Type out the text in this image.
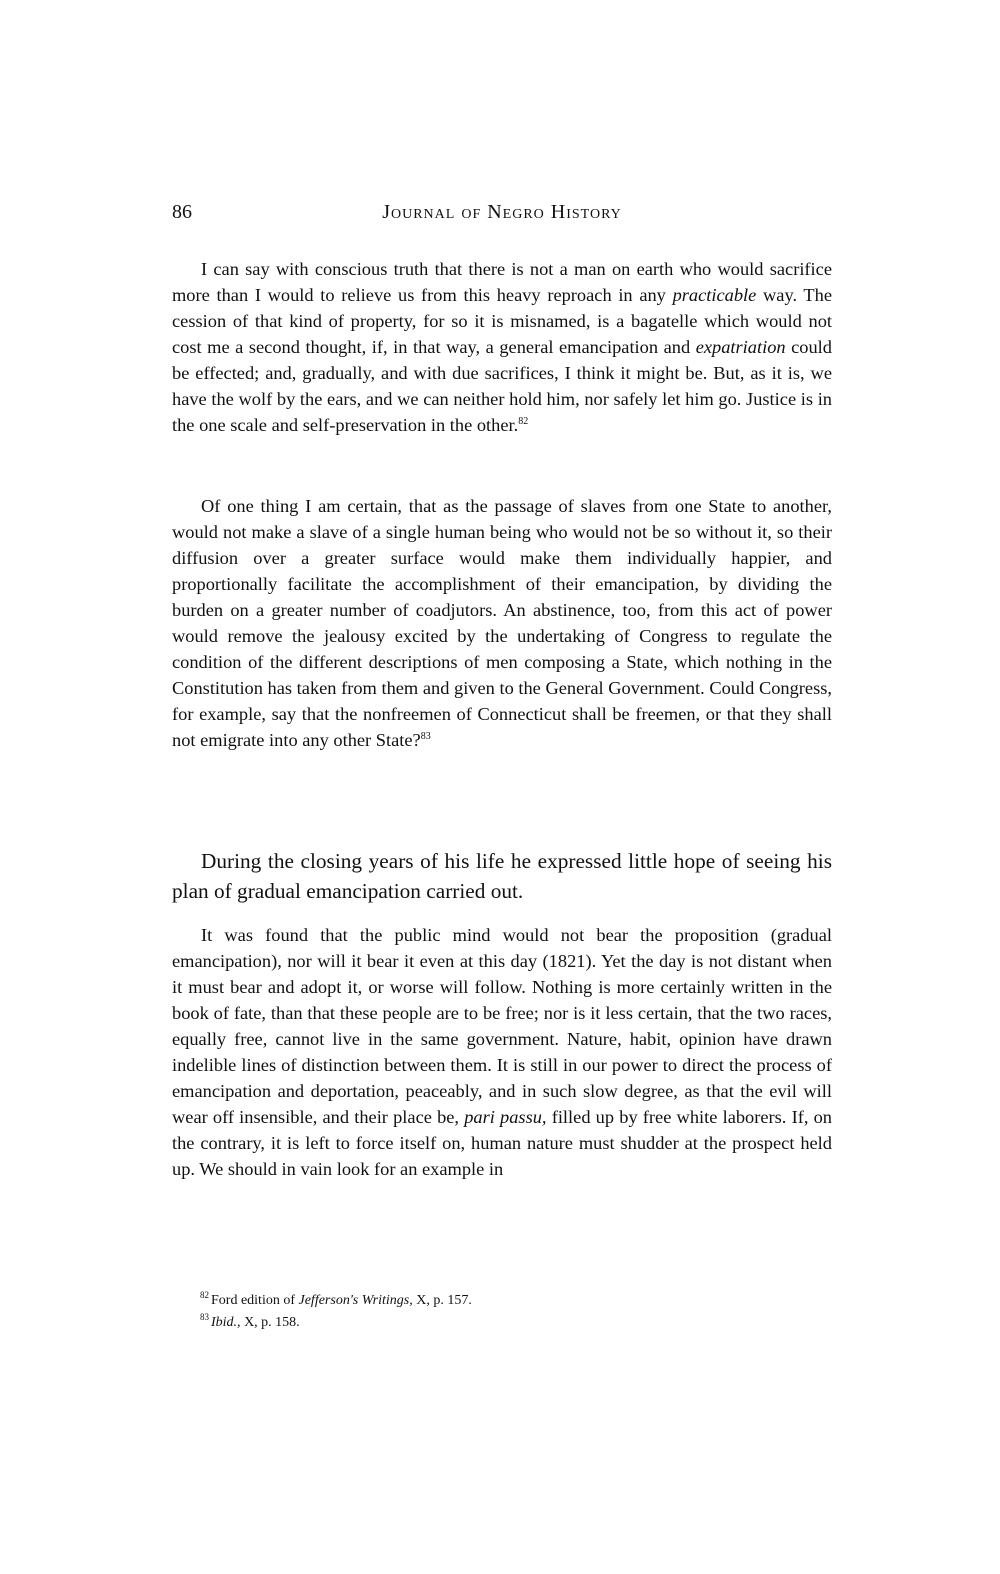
86	Journal of Negro History

I can say with conscious truth that there is not a man on earth who would sacrifice more than I would to relieve us from this heavy reproach in any practicable way. The cession of that kind of property, for so it is misnamed, is a bagatelle which would not cost me a second thought, if, in that way, a general emancipation and expatriation could be effected; and, gradually, and with due sacrifices, I think it might be. But, as it is, we have the wolf by the ears, and we can neither hold him, nor safely let him go. Justice is in the one scale and self-preservation in the other.$^{82}$

Of one thing I am certain, that as the passage of slaves from one State to another, would not make a slave of a single human being who would not be so without it, so their diffusion over a greater surface would make them individually happier, and proportionally facilitate the accomplishment of their emancipation, by dividing the burden on a greater number of coadjutors. An abstinence, too, from this act of power would remove the jealousy excited by the undertaking of Congress to regulate the condition of the different descriptions of men composing a State, which nothing in the Constitution has taken from them and given to the General Government. Could Congress, for example, say that the nonfreemen of Connecticut shall be freemen, or that they shall not emigrate into any other State?$^{83}$

During the closing years of his life he expressed little hope of seeing his plan of gradual emancipation carried out.

It was found that the public mind would not bear the proposition (gradual emancipation), nor will it bear it even at this day (1821). Yet the day is not distant when it must bear and adopt it, or worse will follow. Nothing is more certainly written in the book of fate, than that these people are to be free; nor is it less certain, that the two races, equally free, cannot live in the same government. Nature, habit, opinion have drawn indelible lines of distinction between them. It is still in our power to direct the process of emancipation and deportation, peaceably, and in such slow degree, as that the evil will wear off insensible, and their place be, pari passu, filled up by free white laborers. If, on the contrary, it is left to force itself on, human nature must shudder at the prospect held up. We should in vain look for an example in

$^{82}$ Ford edition of Jefferson's Writings, X, p. 157.
$^{83}$ Ibid., X, p. 158.
